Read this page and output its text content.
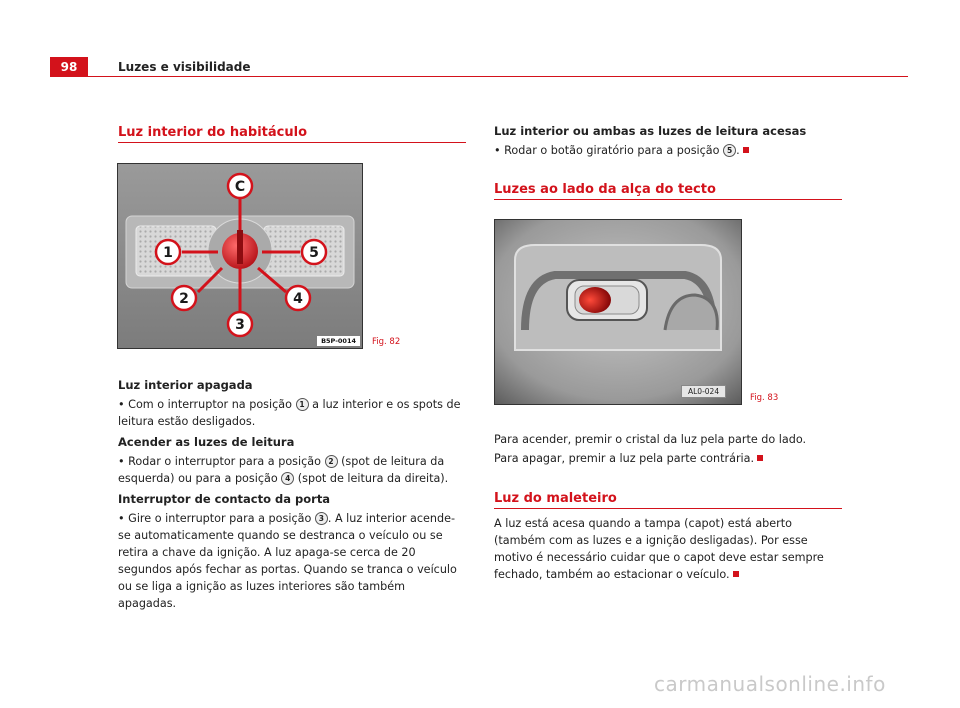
98	Luzes e visibilidade
Luz interior do habitáculo
C
1	5
2	4
3
B5P-0014	Fig. 82
Luz interior apagada
• Com o interruptor na posição 1 a luz interior e os spots de leitura estão desligados.
Acender as luzes de leitura
• Rodar o interruptor para a posição 2 (spot de leitura da esquerda) ou para a posição 4 (spot de leitura da direita).
Interruptor de contacto da porta
• Gire o interruptor para a posição 3 . A luz interior acende-se automaticamente quando se destranca o veículo ou se retira a chave da ignição. A luz apaga-se cerca de 20 segundos após fechar as portas. Quando se tranca o veículo ou se liga a ignição as luzes interiores são também apagadas.
Luz interior ou ambas as luzes de leitura acesas
• Rodar o botão giratório para a posição 5 .
Luzes ao lado da alça do tecto
AL0-024
Fig. 83
Para acender, premir o cristal da luz pela parte do lado.
Para apagar, premir a luz pela parte contrária.
Luz do maleteiro
A luz está acesa quando a tampa (capot) está aberto (também com as luzes e a ignição desligadas). Por esse motivo é necessário cuidar que o capot deve estar sempre fechado, também ao estacionar o veículo.
carmanualsonline.info
